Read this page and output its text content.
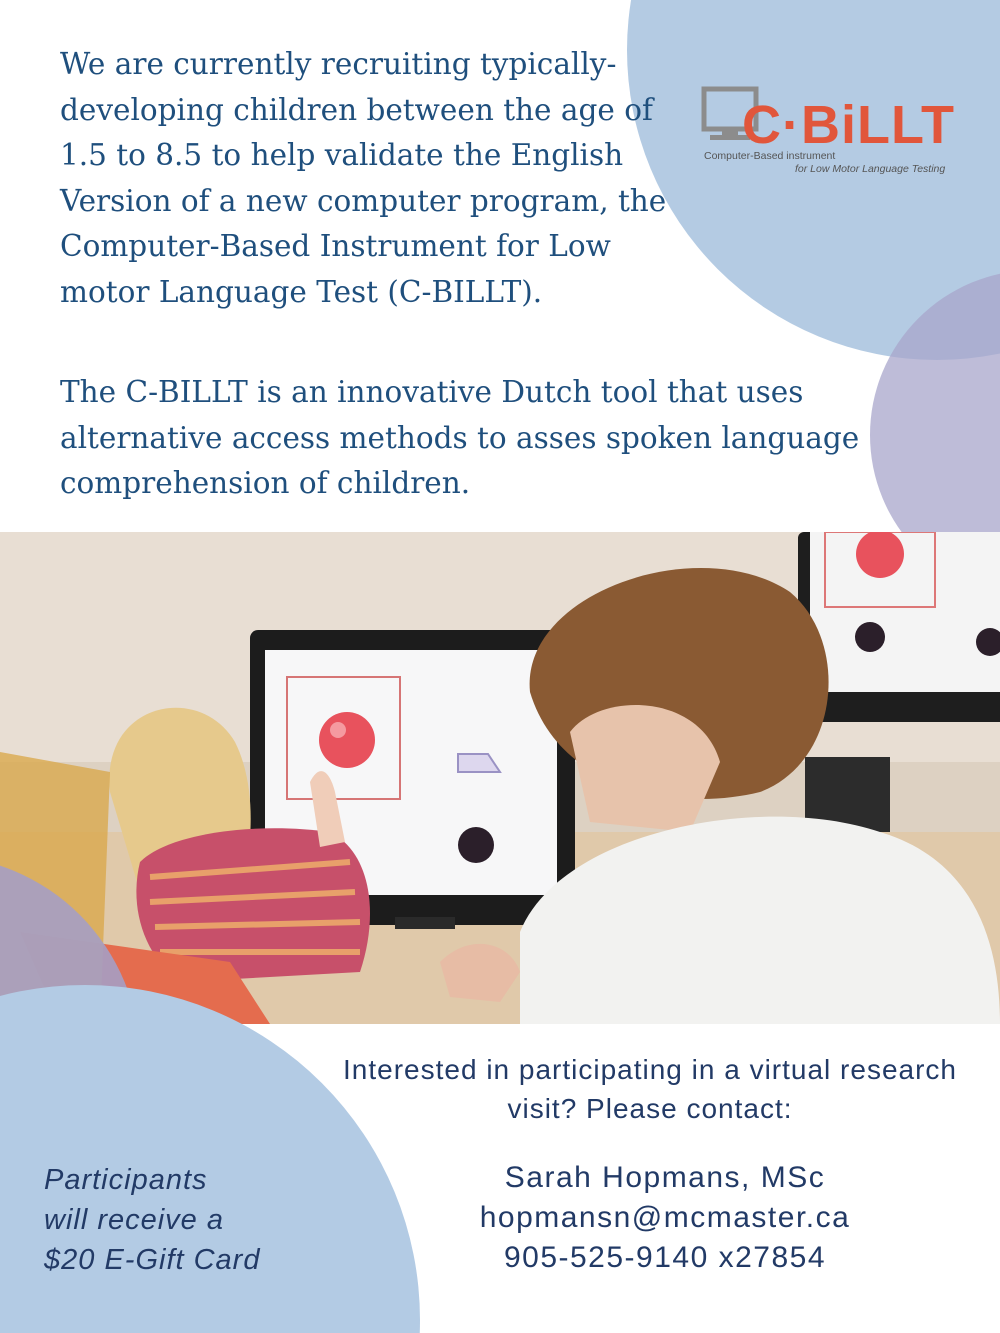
We are currently recruiting typically-developing children between the age of 1.5 to 8.5 to help validate the English Version of a new computer program, the Computer-Based Instrument for Low motor Language Test (C-BILLT).

The C-BILLT is an innovative Dutch tool that uses alternative access methods to asses spoken language comprehension of children.

C·BiLLT
Computer-Based instrument
for Low Motor Language Testing

Interested in participating in a virtual research visit? Please contact:

Sarah Hopmans, MSc
hopmansn@mcmaster.ca
905-525-9140 x27854

Participants
will receive a
$20 E-Gift Card
